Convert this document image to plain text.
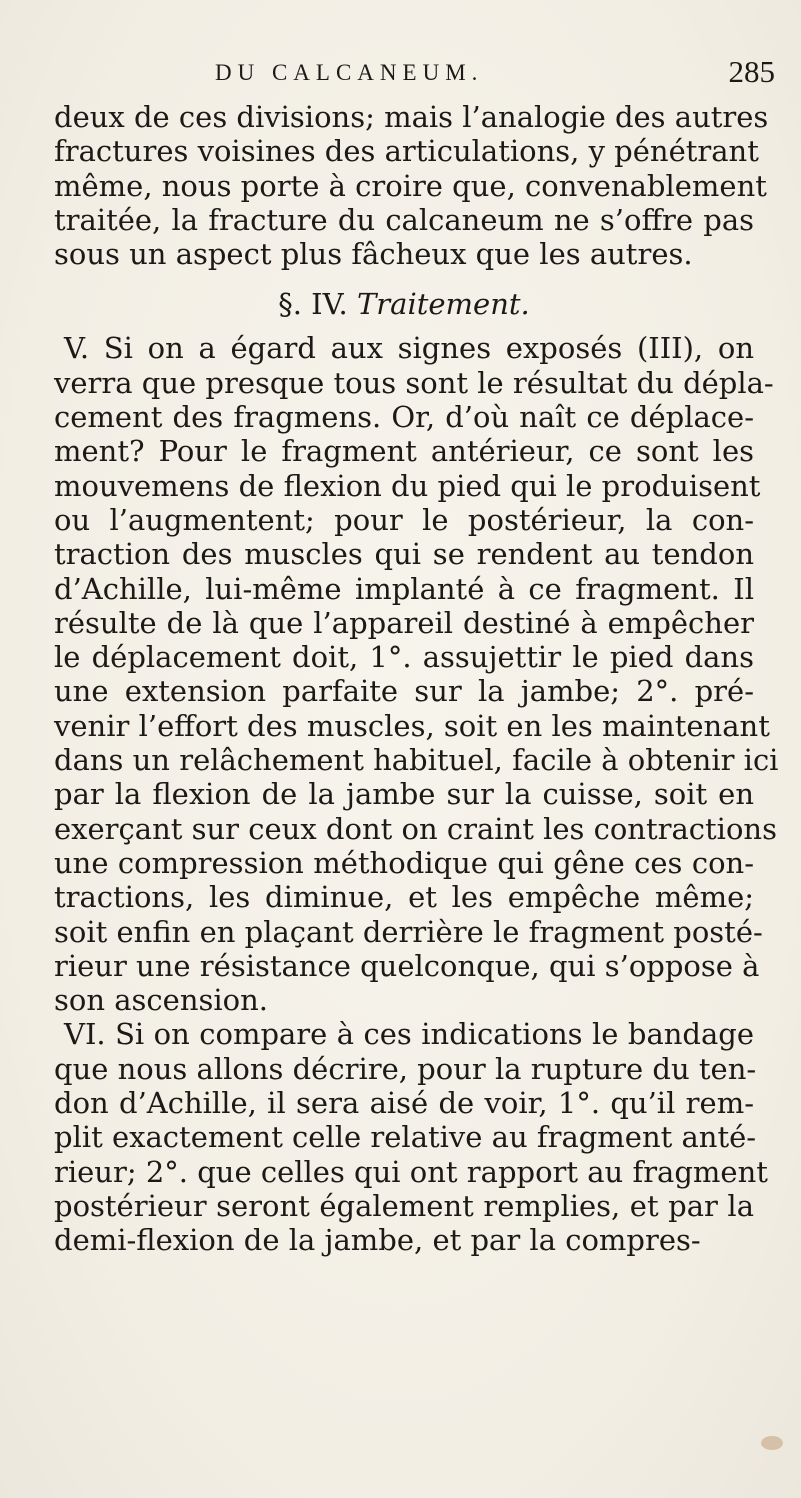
DU CALCANEUM.	285
deux de ces divisions; mais l’analogie des autres
fractures voisines des articulations, y pénétrant
même, nous porte à croire que, convenablement
traitée, la fracture du calcaneum ne s’offre pas
sous un aspect plus fâcheux que les autres.
§. IV. Traitement.
V. Si on a égard aux signes exposés (III), on
verra que presque tous sont le résultat du dépla-
cement des fragmens. Or, d’où naît ce déplace-
ment? Pour le fragment antérieur, ce sont les
mouvemens de flexion du pied qui le produisent
ou l’augmentent; pour le postérieur, la con-
traction des muscles qui se rendent au tendon
d’Achille, lui-même implanté à ce fragment. Il
résulte de là que l’appareil destiné à empêcher
le déplacement doit, 1°. assujettir le pied dans
une extension parfaite sur la jambe; 2°. pré-
venir l’effort des muscles, soit en les maintenant
dans un relâchement habituel, facile à obtenir ici
par la flexion de la jambe sur la cuisse, soit en
exerçant sur ceux dont on craint les contractions
une compression méthodique qui gêne ces con-
tractions, les diminue, et les empêche même;
soit enfin en plaçant derrière le fragment posté-
rieur une résistance quelconque, qui s’oppose à
son ascension.
VI. Si on compare à ces indications le bandage
que nous allons décrire, pour la rupture du ten-
don d’Achille, il sera aisé de voir, 1°. qu’il rem-
plit exactement celle relative au fragment anté-
rieur; 2°. que celles qui ont rapport au fragment
postérieur seront également remplies, et par la
demi-flexion de la jambe, et par la compres-
